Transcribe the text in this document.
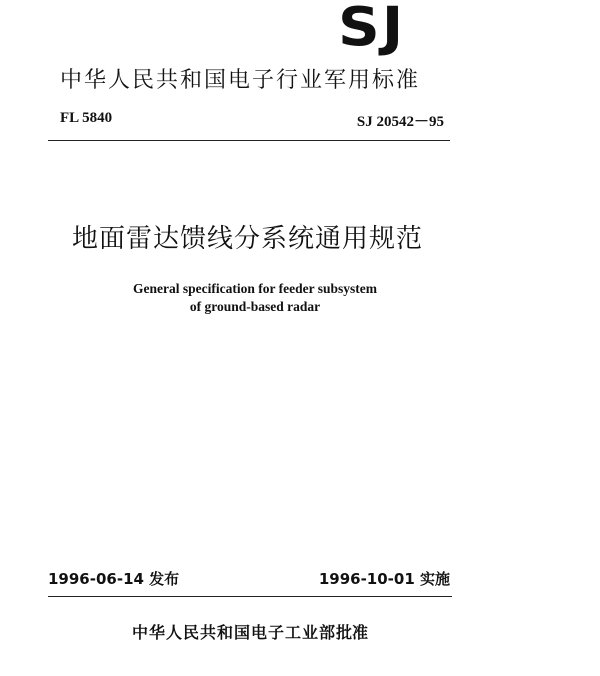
SJ
中华人民共和国电子行业军用标准
FL 5840	SJ 20542－95
地面雷达馈线分系统通用规范
General specification for feeder subsystem
of ground-based radar
1996-06-14 发布	1996-10-01 实施
中华人民共和国电子工业部 批准
